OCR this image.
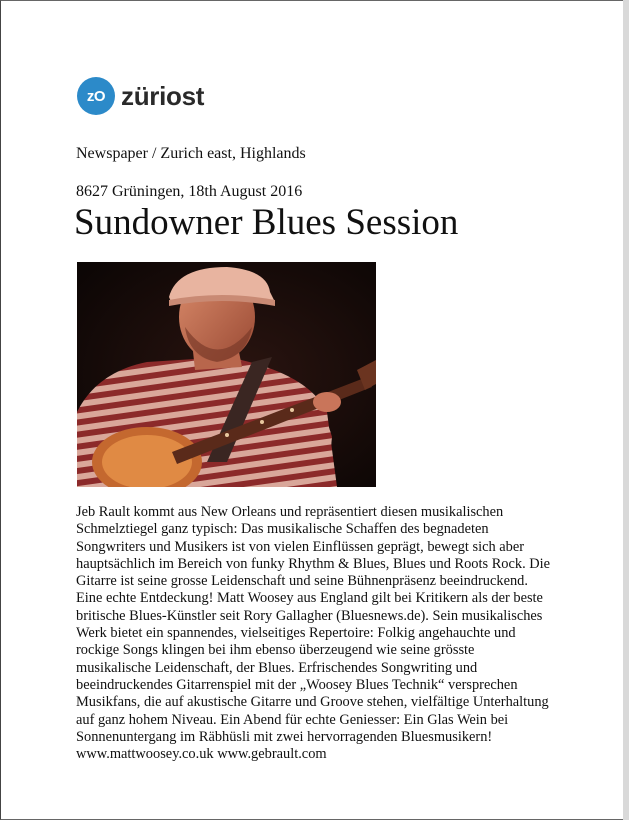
zO züriost
Newspaper / Zurich east, Highlands
8627 Grüningen, 18th August 2016
Sundowner Blues Session

Jeb Rault kommt aus New Orleans und repräsentiert diesen musikalischen Schmelztiegel ganz typisch: Das musikalische Schaffen des begnadeten Songwriters und Musikers ist von vielen Einflüssen geprägt, bewegt sich aber hauptsächlich im Bereich von funky Rhythm & Blues, Blues und Roots Rock. Die Gitarre ist seine grosse Leidenschaft und seine Bühnenpräsenz beeindruckend. Eine echte Entdeckung! Matt Woosey aus England gilt bei Kritikern als der beste britische Blues-Künstler seit Rory Gallagher (Bluesnews.de). Sein musikalisches Werk bietet ein spannendes, vielseitiges Repertoire: Folkig angehauchte und rockige Songs klingen bei ihm ebenso überzeugend wie seine grösste musikalische Leidenschaft, der Blues. Erfrischendes Songwriting und beeindruckendes Gitarrenspiel mit der „Woosey Blues Technik“ versprechen Musikfans, die auf akustische Gitarre und Groove stehen, vielfältige Unterhaltung auf ganz hohem Niveau. Ein Abend für echte Geniesser: Ein Glas Wein bei Sonnenuntergang im Räbhüsli mit zwei hervorragenden Bluesmusikern! www.mattwoosey.co.uk www.gebrault.com
